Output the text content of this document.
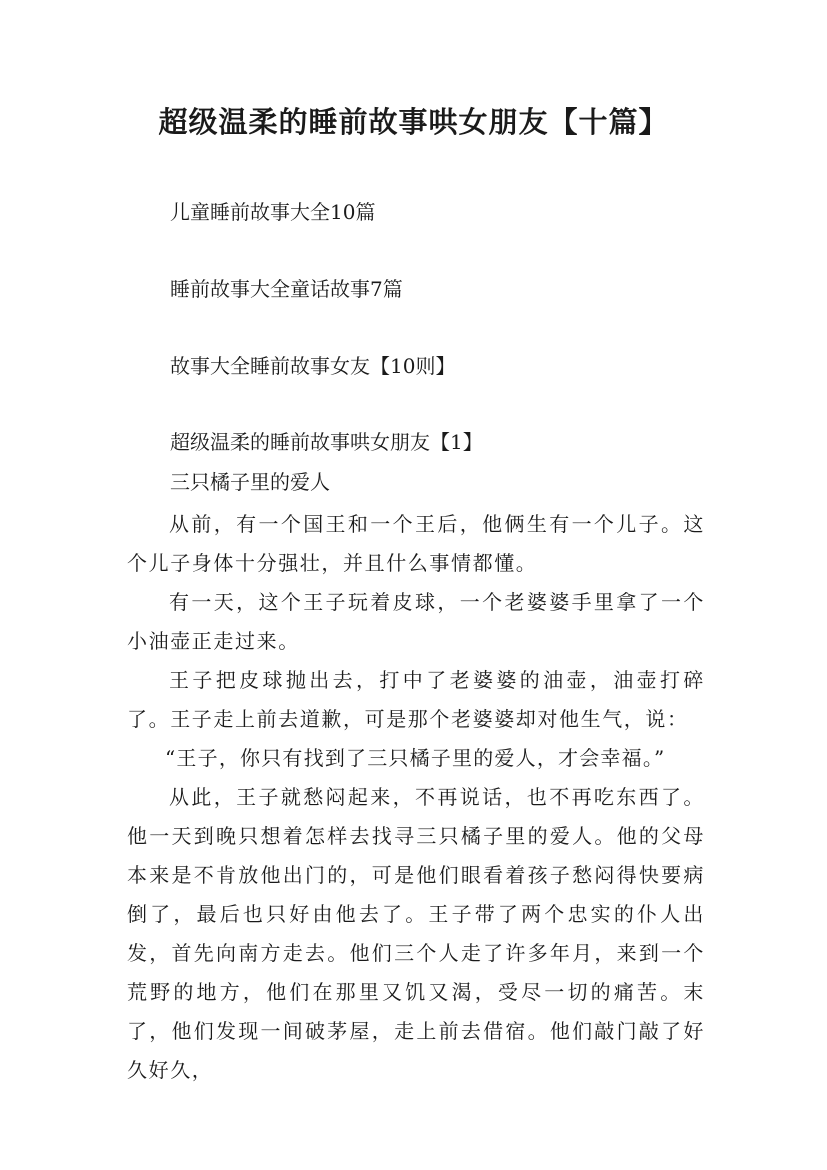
超级温柔的睡前故事哄女朋友【十篇】
儿童睡前故事大全10篇
睡前故事大全童话故事7篇
故事大全睡前故事女友【10则】
超级温柔的睡前故事哄女朋友【1】
三只橘子里的爱人

从前，有一个国王和一个王后，他俩生有一个儿子。这个儿子身体十分强壮，并且什么事情都懂。

有一天，这个王子玩着皮球，一个老婆婆手里拿了一个小油壶正走过来。

王子把皮球抛出去，打中了老婆婆的油壶，油壶打碎了。王子走上前去道歉，可是那个老婆婆却对他生气，说：

“王子，你只有找到了三只橘子里的爱人，才会幸福。”

从此，王子就愁闷起来，不再说话，也不再吃东西了。他一天到晚只想着怎样去找寻三只橘子里的爱人。他的父母本来是不肯放他出门的，可是他们眼看着孩子愁闷得快要病倒了，最后也只好由他去了。王子带了两个忠实的仆人出发，首先向南方走去。他们三个人走了许多年月，来到一个荒野的地方，他们在那里又饥又渴，受尽一切的痛苦。末了，他们发现一间破茅屋，走上前去借宿。他们敲门敲了好久好久，
